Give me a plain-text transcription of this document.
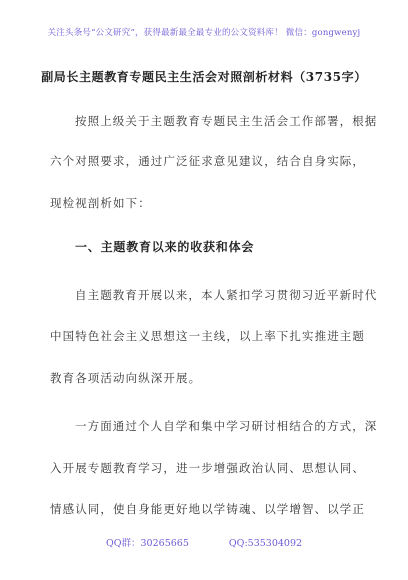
关注头条号“公文研究”，获得最新最全最专业的公文资料库！ 微信：gongwenyj
副局长主题教育专题民主生活会对照剖析材料（3735字）
按照上级关于主题教育专题民主生活会工作部署，根据
六个对照要求，通过广泛征求意见建议，结合自身实际，
现检视剖析如下：
一、主题教育以来的收获和体会
自主题教育开展以来，本人紧扣学习贯彻习近平新时代
中国特色社会主义思想这一主线，以上率下扎实推进主题
教育各项活动向纵深开展。
一方面通过个人自学和集中学习研讨相结合的方式，深
入开展专题教育学习，进一步增强政治认同、思想认同、
情感认同，使自身能更好地以学铸魂、以学增智、以学正
QQ群：30265665	QQ:535304092
